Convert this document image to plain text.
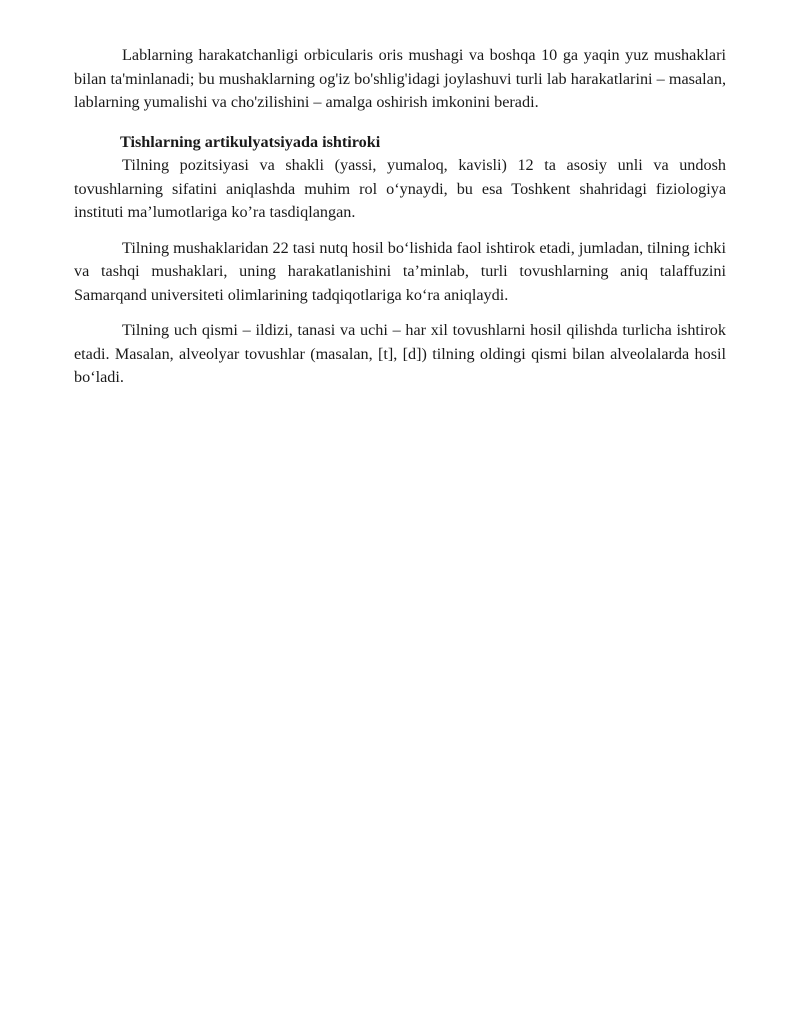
Lablarning harakatchanligi orbicularis oris mushagi va boshqa 10 ga yaqin yuz mushaklari bilan ta'minlanadi; bu mushaklarning og'iz bo'shlig'idagi joylashuvi turli lab harakatlarini – masalan, lablarning yumalishi va cho'zilishini – amalga oshirish imkonini beradi.

Tishlarning artikulyatsiyada ishtiroki

Tilning pozitsiyasi va shakli (yassi, yumaloq, kavisli) 12 ta asosiy unli va undosh tovushlarning sifatini aniqlashda muhim rol o‘ynaydi, bu esa Toshkent shahridagi fiziologiya instituti ma’lumotlariga ko’ra tasdiqlangan.

Tilning mushaklaridan 22 tasi nutq hosil bo‘lishida faol ishtirok etadi, jumladan, tilning ichki va tashqi mushaklari, uning harakatlanishini ta’minlab, turli tovushlarning aniq talaffuzini Samarqand universiteti olimlarining tadqiqotlariga ko‘ra aniqlaydi.

Tilning uch qismi – ildizi, tanasi va uchi – har xil tovushlarni hosil qilishda turlicha ishtirok etadi. Masalan, alveolyar tovushlar (masalan, [t], [d]) tilning oldingi qismi bilan alveolalarda hosil bo‘ladi.
